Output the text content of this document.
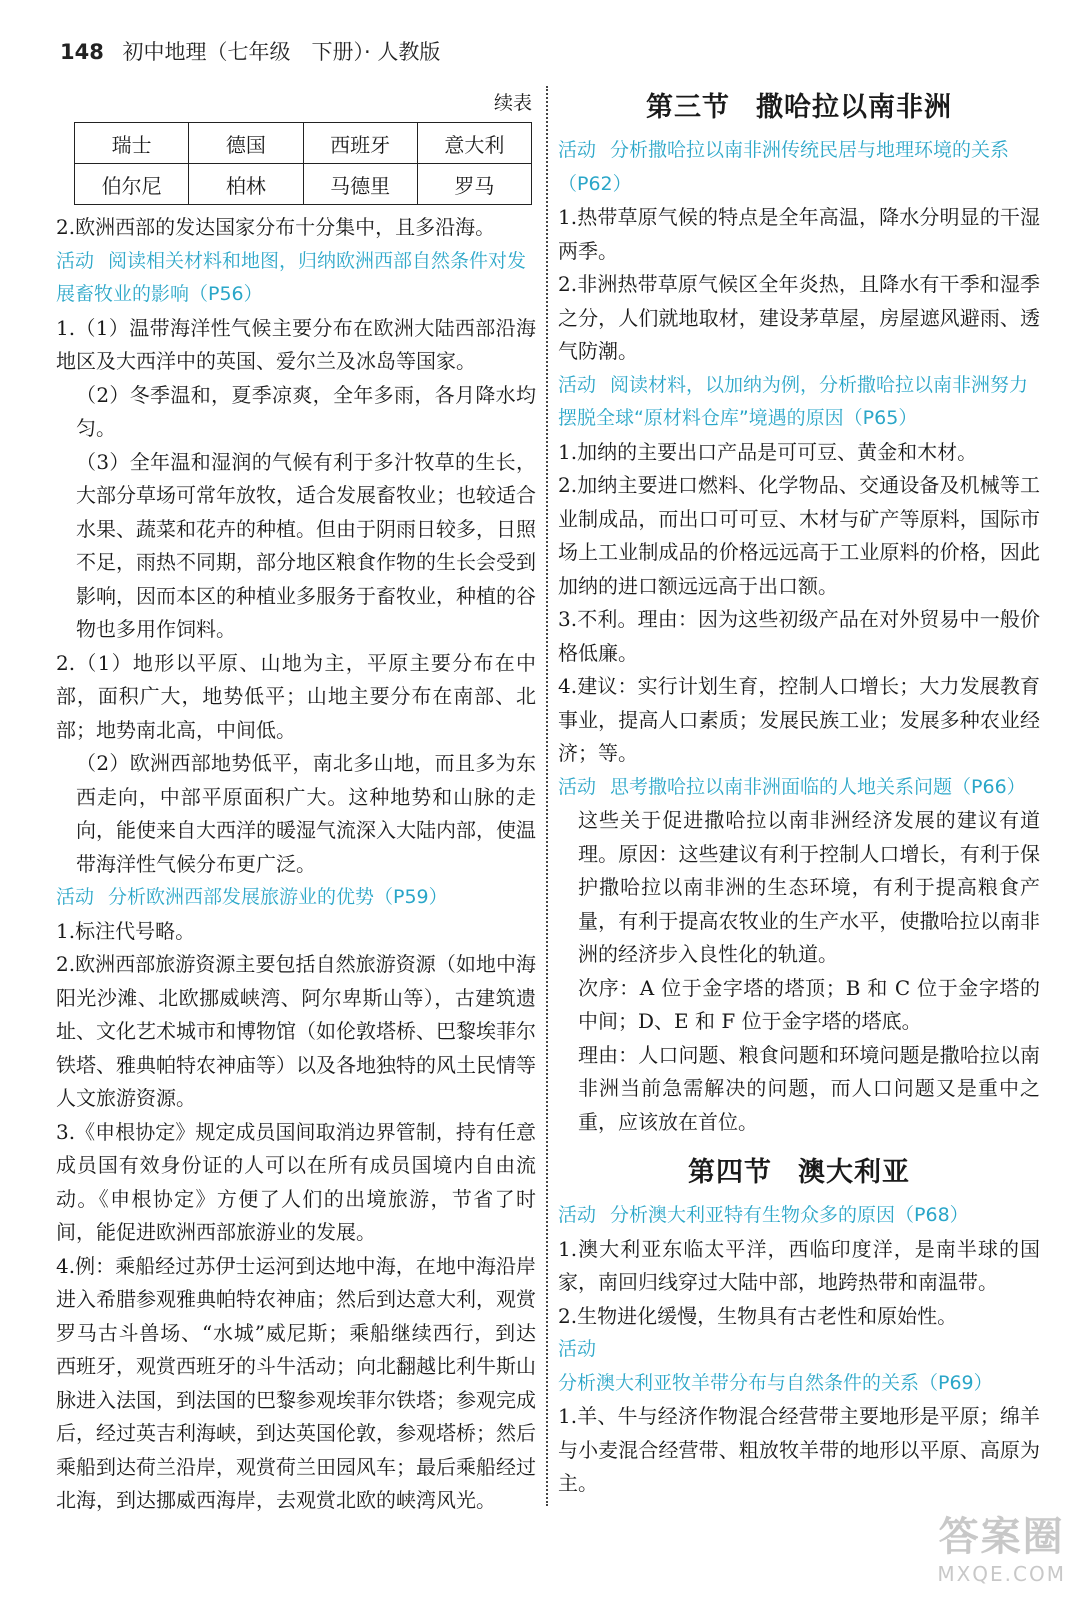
148 初中地理（七年级　下册）· 人教版
续表
瑞士	德国	西班牙	意大利
伯尔尼	柏林	马德里	罗马

2.欧洲西部的发达国家分布十分集中，且多沿海。

活动 阅读相关材料和地图，归纳欧洲西部自然条件对发展畜牧业的影响（P56）

1.（1）温带海洋性气候主要分布在欧洲大陆西部沿海地区及大西洋中的英国、爱尔兰及冰岛等国家。

（2）冬季温和，夏季凉爽，全年多雨，各月降水均匀。

（3）全年温和湿润的气候有利于多汁牧草的生长，大部分草场可常年放牧，适合发展畜牧业；也较适合水果、蔬菜和花卉的种植。但由于阴雨日较多，日照不足，雨热不同期，部分地区粮食作物的生长会受到影响，因而本区的种植业多服务于畜牧业，种植的谷物也多用作饲料。

2.（1）地形以平原、山地为主，平原主要分布在中部，面积广大，地势低平；山地主要分布在南部、北部；地势南北高，中间低。

（2）欧洲西部地势低平，南北多山地，而且多为东西走向，中部平原面积广大。这种地势和山脉的走向，能使来自大西洋的暖湿气流深入大陆内部，使温带海洋性气候分布更广泛。

活动 分析欧洲西部发展旅游业的优势（P59）

1.标注代号略。

2.欧洲西部旅游资源主要包括自然旅游资源（如地中海阳光沙滩、北欧挪威峡湾、阿尔卑斯山等），古建筑遗址、文化艺术城市和博物馆（如伦敦塔桥、巴黎埃菲尔铁塔、雅典帕特农神庙等）以及各地独特的风土民情等人文旅游资源。

3.《申根协定》规定成员国间取消边界管制，持有任意成员国有效身份证的人可以在所有成员国境内自由流动。《申根协定》方便了人们的出境旅游，节省了时间，能促进欧洲西部旅游业的发展。

4.例：乘船经过苏伊士运河到达地中海，在地中海沿岸进入希腊参观雅典帕特农神庙；然后到达意大利，观赏罗马古斗兽场、“水城”威尼斯；乘船继续西行，到达西班牙，观赏西班牙的斗牛活动；向北翻越比利牛斯山脉进入法国，到法国的巴黎参观埃菲尔铁塔；参观完成后，经过英吉利海峡，到达英国伦敦，参观塔桥；然后乘船到达荷兰沿岸，观赏荷兰田园风车；最后乘船经过北海，到达挪威西海岸，去观赏北欧的峡湾风光。

第三节 撒哈拉以南非洲

活动 分析撒哈拉以南非洲传统民居与地理环境的关系（P62）

1.热带草原气候的特点是全年高温，降水分明显的干湿两季。

2.非洲热带草原气候区全年炎热，且降水有干季和湿季之分，人们就地取材，建设茅草屋，房屋遮风避雨、透气防潮。

活动 阅读材料，以加纳为例，分析撒哈拉以南非洲努力摆脱全球“原材料仓库”境遇的原因（P65）

1.加纳的主要出口产品是可可豆、黄金和木材。

2.加纳主要进口燃料、化学物品、交通设备及机械等工业制成品，而出口可可豆、木材与矿产等原料，国际市场上工业制成品的价格远远高于工业原料的价格，因此加纳的进口额远远高于出口额。

3.不利。理由：因为这些初级产品在对外贸易中一般价格低廉。

4.建议：实行计划生育，控制人口增长；大力发展教育事业，提高人口素质；发展民族工业；发展多种农业经济；等。

活动 思考撒哈拉以南非洲面临的人地关系问题（P66）

这些关于促进撒哈拉以南非洲经济发展的建议有道理。原因：这些建议有利于控制人口增长，有利于保护撒哈拉以南非洲的生态环境，有利于提高粮食产量，有利于提高农牧业的生产水平，使撒哈拉以南非洲的经济步入良性化的轨道。

次序：A 位于金字塔的塔顶；B 和 C 位于金字塔的中间；D、E 和 F 位于金字塔的塔底。

理由：人口问题、粮食问题和环境问题是撒哈拉以南非洲当前急需解决的问题，而人口问题又是重中之重，应该放在首位。

第四节 澳大利亚

活动 分析澳大利亚特有生物众多的原因（P68）

1.澳大利亚东临太平洋，西临印度洋，是南半球的国家，南回归线穿过大陆中部，地跨热带和南温带。

2.生物进化缓慢，生物具有古老性和原始性。

活动分析澳大利亚牧羊带分布与自然条件的关系（P69）

1.羊、牛与经济作物混合经营带主要地形是平原；绵羊与小麦混合经营带、粗放牧羊带的地形以平原、高原为主。

答案圈
MXQE.COM
